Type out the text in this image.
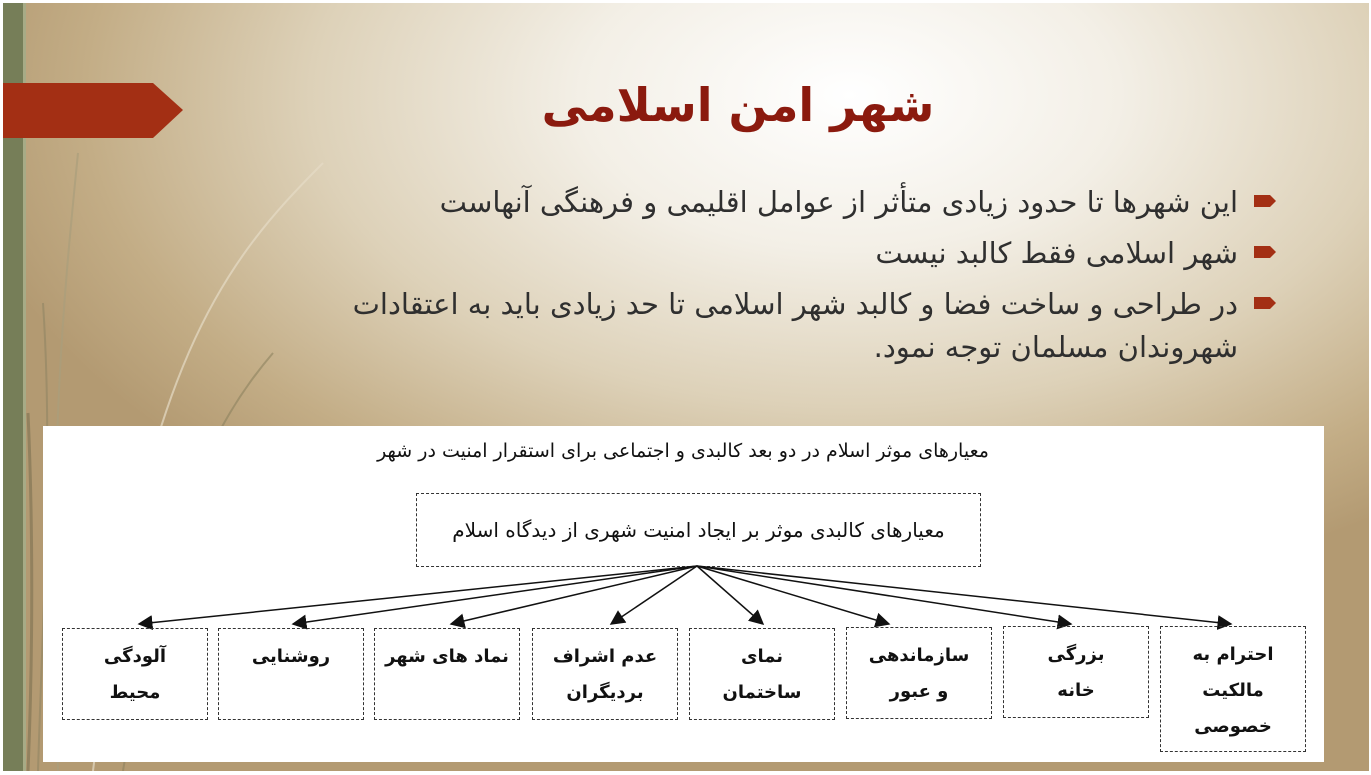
شهر امن اسلامی
این شهرها تا حدود زیادی متأثر از عوامل اقلیمی و فرهنگی آنهاست
شهر اسلامی فقط کالبد نیست
در طراحی و ساخت فضا و کالبد شهر اسلامی تا حد زیادی باید به اعتقادات شهروندان مسلمان توجه نمود.
معیارهای موثر اسلام در دو بعد کالبدی و اجتماعی برای استقرار امنیت در شهر
معیارهای کالبدی موثر بر ایجاد امنیت شهری از دیدگاه اسلام
احترام به
مالکیت
خصوصی
بزرگی
خانه
سازماندهی
و عبور
نمای
ساختمان
عدم اشراف
بردیگران
نماد های شهر
روشنایی
آلودگی
محیط
